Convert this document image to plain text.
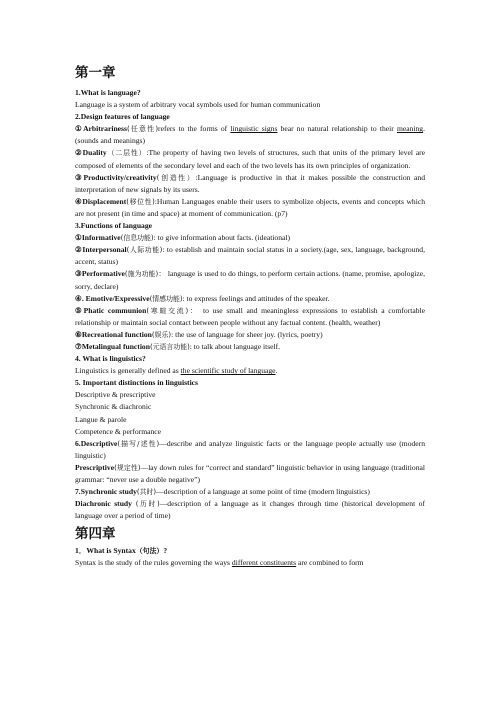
第一章

1.What is language?

Language is a system of arbitrary vocal symbols used for human communication

2.Design features of language

①Arbitrariness(任意性)refers to the forms of linguistic signs bear no natural relationship to their meaning. (sounds and meanings)

②Duality（二层性）:The property of having two levels of structures, such that units of the primary level are composed of elements of the secondary level and each of the two levels has its own principles of organization.

③Productivity/creativity(创造性）:Language is productive in that it makes possible the construction and interpretation of new signals by its users.

④Displacement(移位性):Human Languages enable their users to symbolize objects, events and concepts which are not present (in time and space) at moment of communication. (p7)

3.Functions of language

①Informative(信息功能): to give information about facts. (ideational)

②Interpersonal(人际功能): to establish and maintain social status in a society.(age, sex, language, background, accent, status)

③Performative(施为功能)： language is used to do things, to perform certain actions. (name, promise, apologize, sorry, declare)

④. Emotive/Expressive(情感功能): to express feelings and attitudes of the speaker.

⑤Phatic communion(寒暄交流)： to use small and meaningless expressions to establish a comfortable relationship or maintain social contact between people without any factual content. (health, weather)

⑥Recreational function(娱乐): the use of language for sheer joy. (lyrics, poetry)

⑦Metalingual function(元语言功能): to talk about language itself.

4. What is linguistics?

Linguistics is generally defined as the scientific study of language.

5. Important distinctions in linguistics

Descriptive & prescriptive

Synchronic & diachronic

Langue & parole

Competence & performance

6.Descriptive(描写/述性)—describe and analyze linguistic facts or the language people actually use (modern linguistic)

Prescriptive(规定性)—lay down rules for “correct and standard” linguistic behavior in using language (traditional grammar: “never use a double negative”)

7.Synchronic study(共时)—description of a language at some point of time (modern linguistics)

Diachronic study (历时)—description of a language as it changes through time (historical development of language over a period of time)

第四章

1．What is Syntax（句法）?

Syntax is the study of the rules governing the ways different constituents are combined to form
